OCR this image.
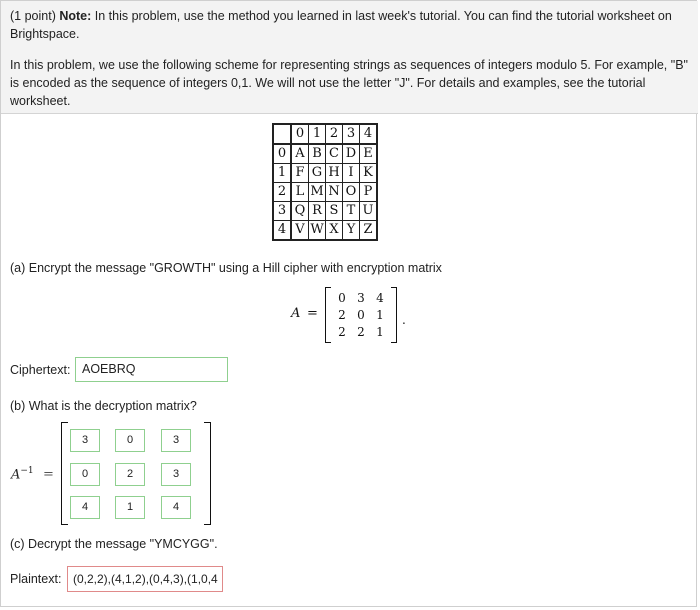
(1 point) Note: In this problem, use the method you learned in last week's tutorial. You can find the tutorial worksheet on Brightspace.

In this problem, we use the following scheme for representing strings as sequences of integers modulo 5. For example, "B" is encoded as the sequence of integers 0,1. We will not use the letter "J". For details and examples, see the tutorial worksheet.

	0	1	2	3	4
0	A	B	C	D	E
1	F	G	H	I	K
2	L	M	N	O	P
3	Q	R	S	T	U
4	V	W	X	Y	Z

(a) Encrypt the message "GROWTH" using a Hill cipher with encryption matrix

A =
0 3 4
2 0 1
2 2 1
.
Ciphertext: AOEBRQ

(b) What is the decryption matrix?

$A^{-1}$ =
3	0	3
0	2	3
4	1	4

(c) Decrypt the message "YMCYGG".

Plaintext: (0,2,2),(4,1,2),(0,4,3),(1,0,4
